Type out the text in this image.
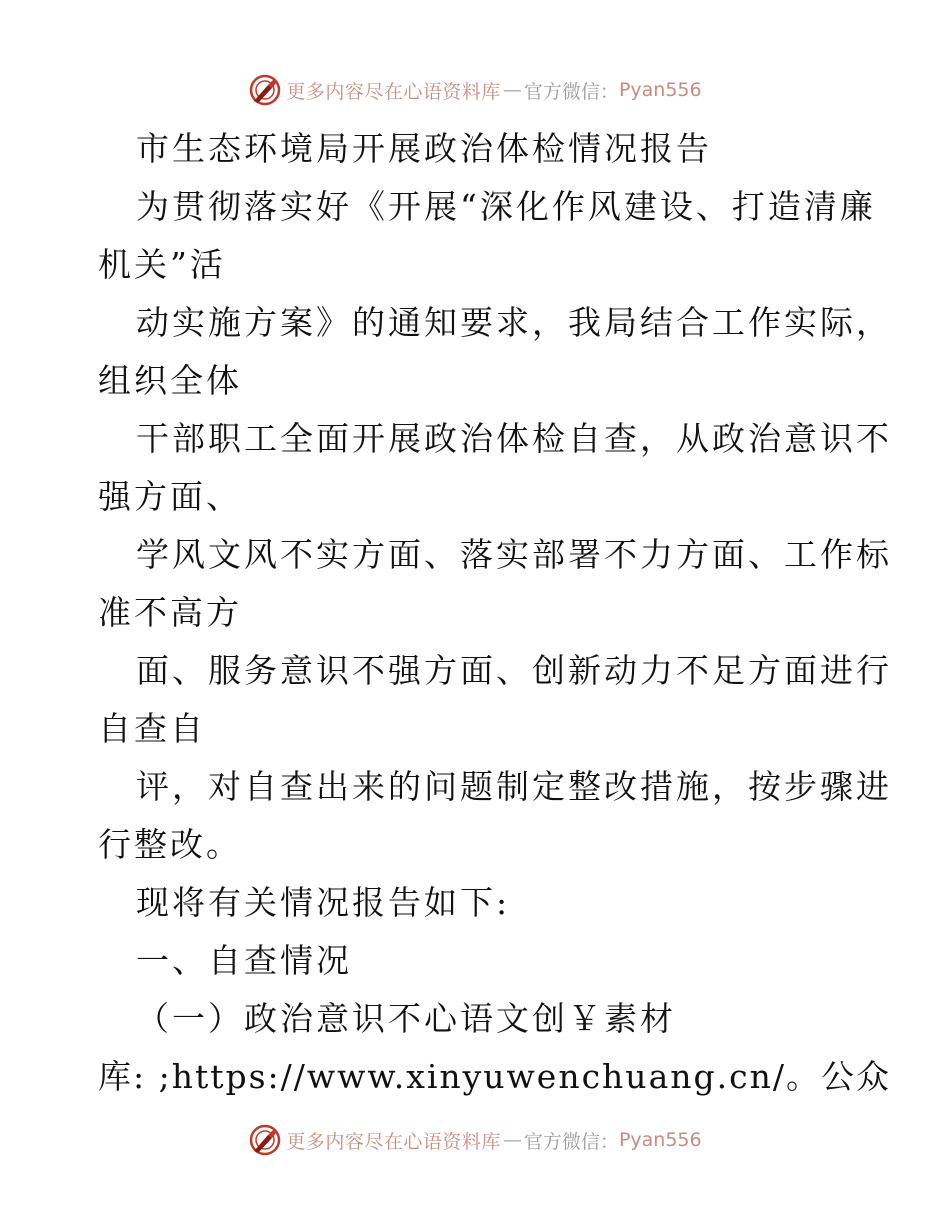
更多内容尽在心语资料库 — 官方微信： Pyan556
市生态环境局开展政治体检情况报告
为贯彻落实好《开展“深化作风建设、打造清廉
机关”活
动实施方案》的通知要求，我局结合工作实际，
组织全体
干部职工全面开展政治体检自查，从政治意识不
强方面、
学风文风不实方面、落实部署不力方面、工作标
准不高方
面、服务意识不强方面、创新动力不足方面进行
自查自
评，对自查出来的问题制定整改措施，按步骤进
行整改。
现将有关情况报告如下:
一、自查情况
（一）政治意识不心语文创￥素材
库: ;https://www.xinyuwenchuang.cn/。公众
更多内容尽在心语资料库 — 官方微信： Pyan556
